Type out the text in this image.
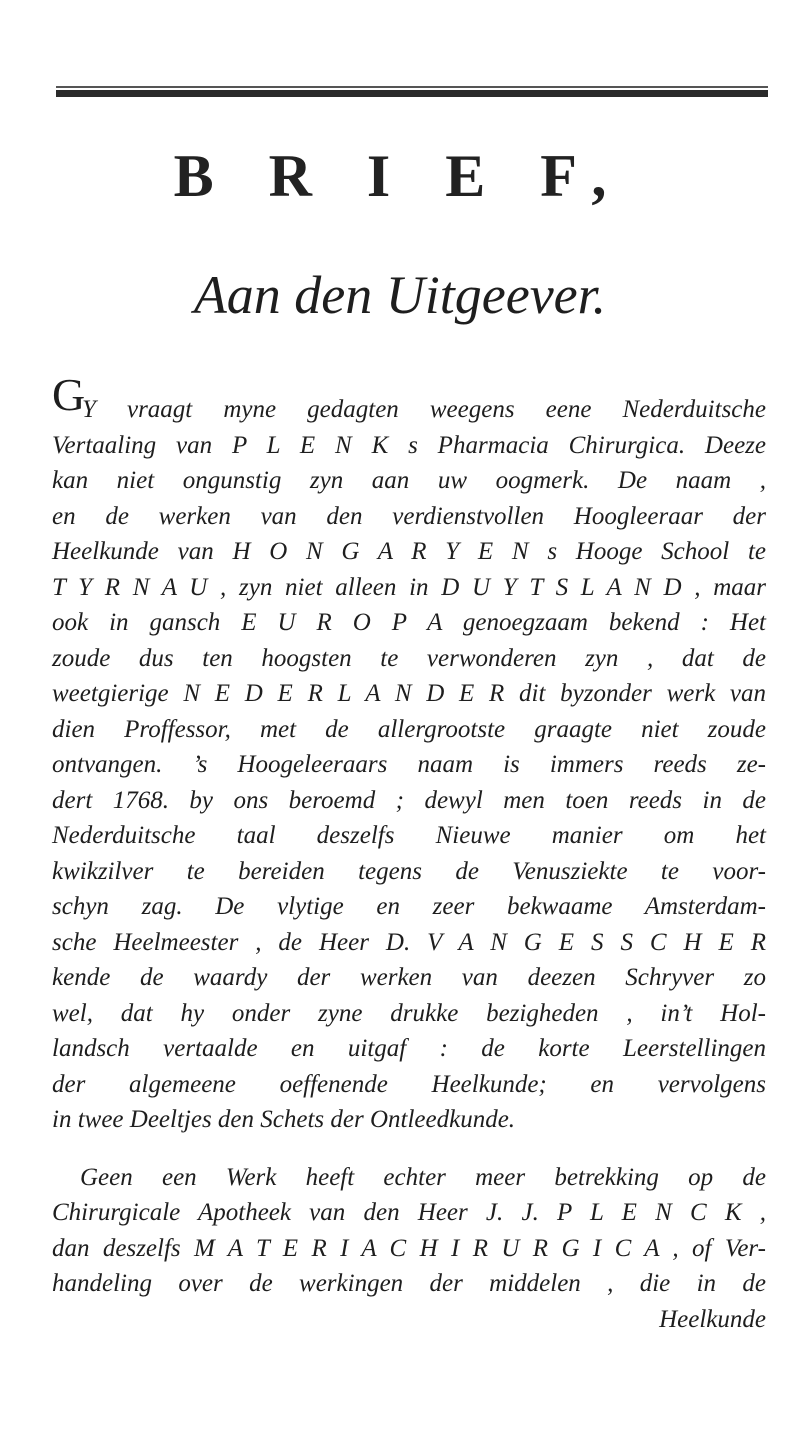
B R I E F,
Aan den Uitgeever.
G
Y vraagt myne gedagten weegens eene Nederduitsche
Vertaaling van P L E N K s Pharmacia Chirurgica. Deeze
kan niet ongunstig zyn aan uw oogmerk. De naam ,
en de werken van den verdienstvollen Hoogleeraar der
Heelkunde van H O N G A R Y E N s Hooge School te
T Y R N A U , zyn niet alleen in D U Y T S L A N D , maar
ook in gansch E U R O P A genoegzaam bekend : Het
zoude dus ten hoogsten te verwonderen zyn , dat de
weetgierige N E D E R L A N D E R dit byzonder werk van
dien Proffessor, met de allergrootste graagte niet zoude
ontvangen. ’s Hoogeleeraars naam is immers reeds ze-
dert 1768. by ons beroemd ; dewyl men toen reeds in de
Nederduitsche taal deszelfs Nieuwe manier om het
kwikzilver te bereiden tegens de Venusziekte te voor-
schyn zag. De vlytige en zeer bekwaame Amsterdam-
sche Heelmeester , de Heer D. V A N G E S S C H E R
kende de waardy der werken van deezen Schryver zo
wel, dat hy onder zyne drukke bezigheden , in’t Hol-
landsch vertaalde en uitgaf : de korte Leerstellingen
der algemeene oeffenende Heelkunde; en vervolgens
in twee Deeltjes den Schets der Ontleedkunde.
Geen een Werk heeft echter meer betrekking op de
Chirurgicale Apotheek van den Heer J. J. P L E N C K ,
dan deszelfs M A T E R I A C H I R U R G I C A , of Ver-
handeling over de werkingen der middelen , die in de
Heelkunde
